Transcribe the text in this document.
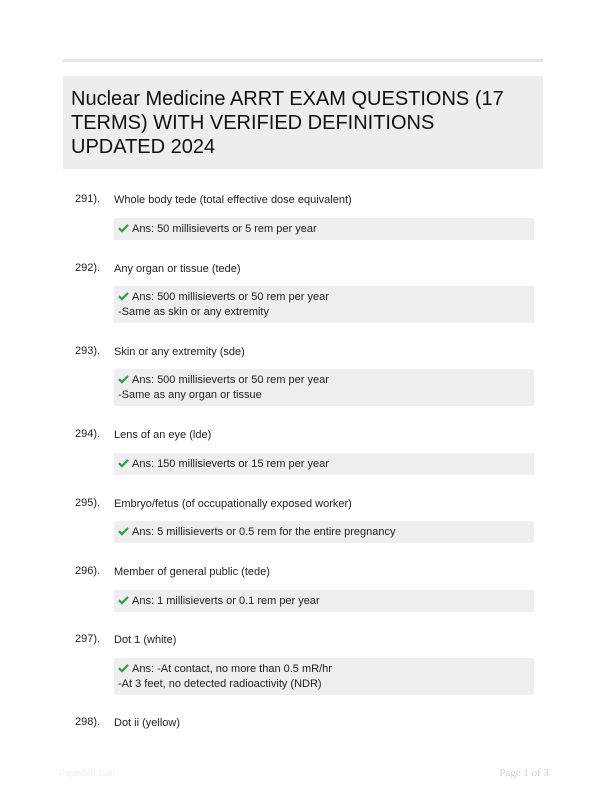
Nuclear Medicine ARRT EXAM QUESTIONS (17 TERMS) WITH VERIFIED DEFINITIONS UPDATED 2024
291). Whole body tede (total effective dose equivalent)
Ans: 50 millisieverts or 5 rem per year
292). Any organ or tissue (tede)
Ans: 500 millisieverts or 50 rem per year
-Same as skin or any extremity
293). Skin or any extremity (sde)
Ans: 500 millisieverts or 50 rem per year
-Same as any organ or tissue
294). Lens of an eye (lde)
Ans: 150 millisieverts or 15 rem per year
295). Embryo/fetus (of occupationally exposed worker)
Ans: 5 millisieverts or 0.5 rem for the entire pregnancy
296). Member of general public (tede)
Ans: 1 millisieverts or 0.1 rem per year
297). Dot 1 (white)
Ans: -At contact, no more than 0.5 mR/hr
-At 3 feet, no detected radioactivity (NDR)
298). Dot ii (yellow)
Paperbtb.com	Page 1 of 3
